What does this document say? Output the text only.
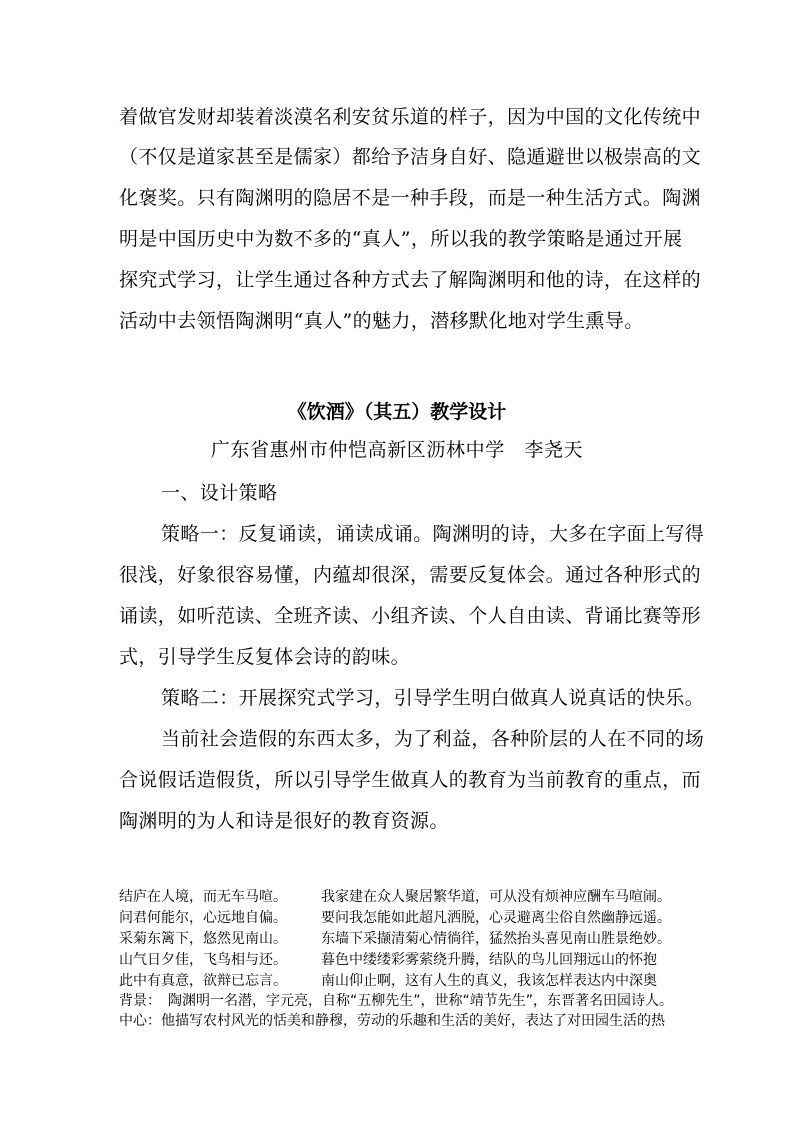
着做官发财却装着淡漠名利安贫乐道的样子，因为中国的文化传统中
（不仅是道家甚至是儒家）都给予洁身自好、隐遁避世以极崇高的文
化褒奖。只有陶渊明的隐居不是一种手段，而是一种生活方式。陶渊
明是中国历史中为数不多的“真人”，所以我的教学策略是通过开展
探究式学习，让学生通过各种方式去了解陶渊明和他的诗，在这样的
活动中去领悟陶渊明“真人”的魅力，潜移默化地对学生熏导。
《饮酒》（其五）教学设计
广东省惠州市仲恺高新区沥林中学　李尧天
一、设计策略
策略一：反复诵读，诵读成诵。陶渊明的诗，大多在字面上写得
很浅，好象很容易懂，内蕴却很深，需要反复体会。通过各种形式的
诵读，如听范读、全班齐读、小组齐读、个人自由读、背诵比赛等形
式，引导学生反复体会诗的韵味。
策略二：开展探究式学习，引导学生明白做真人说真话的快乐。
当前社会造假的东西太多，为了利益，各种阶层的人在不同的场
合说假话造假货，所以引导学生做真人的教育为当前教育的重点，而
陶渊明的为人和诗是很好的教育资源。
结庐在人境，而无车马喧。 我家建在众人聚居繁华道，可从没有烦神应酬车马喧闹。
问君何能尔，心远地自偏。 要问我怎能如此超凡洒脱，心灵避离尘俗自然幽静远遥。
采菊东篱下，悠然见南山。 东墙下采撷清菊心情徜徉，猛然抬头喜见南山胜景绝妙。
山气日夕佳，飞鸟相与还。 暮色中缕缕彩雾萦绕升腾，结队的鸟儿回翔远山的怀抱
此中有真意，欲辩已忘言。 南山仰止啊，这有人生的真义，我该怎样表达内中深奥
背景：　陶渊明一名潜，字元亮，自称“五柳先生”，世称“靖节先生”，东晋著名田园诗人。
中心：他描写农村风光的恬美和静穆，劳动的乐趣和生活的美好，表达了对田园生活的热
